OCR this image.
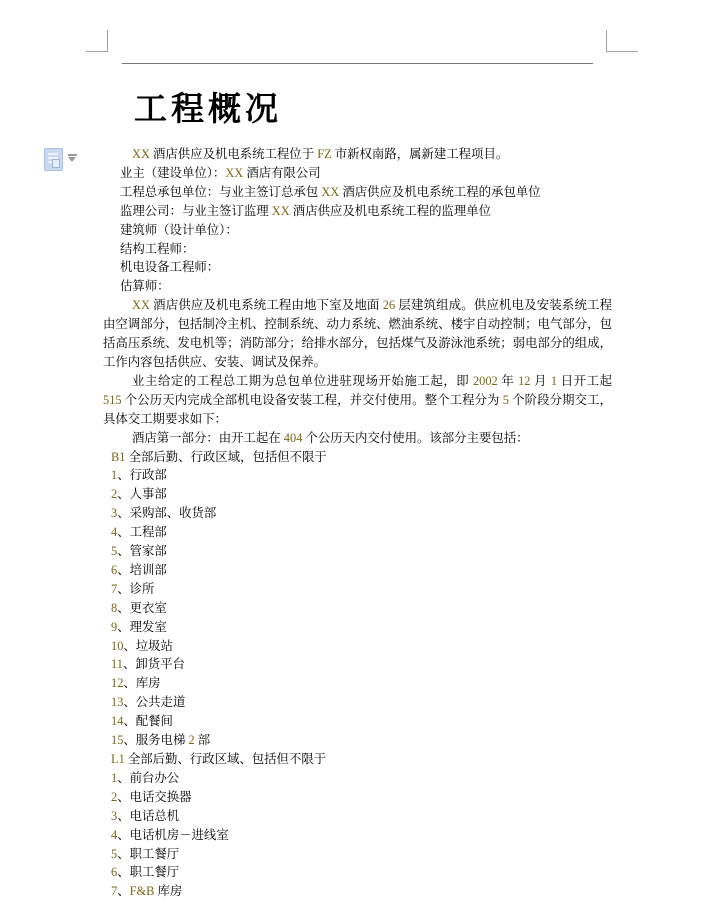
工程概况

XX 酒店供应及机电系统工程位于 FZ 市新权南路，属新建工程项目。

业主（建设单位）：XX 酒店有限公司

工程总承包单位：与业主签订总承包 XX 酒店供应及机电系统工程的承包单位

监理公司：与业主签订监理 XX 酒店供应及机电系统工程的监理单位

建筑师（设计单位）：

结构工程师：

机电设备工程师：

估算师：

XX 酒店供应及机电系统工程由地下室及地面 26 层建筑组成。供应机电及安装系统工程由空调部分，包括制冷主机、控制系统、动力系统、燃油系统、楼宇自动控制；电气部分，包括高压系统、发电机等；消防部分；给排水部分，包括煤气及游泳池系统；弱电部分的组成，工作内容包括供应、安装、调试及保养。

业主给定的工程总工期为总包单位进驻现场开始施工起，即 2002 年 12 月 1 日开工起 515 个公历天内完成全部机电设备安装工程，并交付使用。整个工程分为 5 个阶段分期交工，具体交工期要求如下：

酒店第一部分：由开工起在 404 个公历天内交付使用。该部分主要包括：

B1 全部后勤、行政区域，包括但不限于

1、行政部

2、人事部

3、采购部、收货部

4、工程部

5、管家部

6、培训部

7、诊所

8、更衣室

9、理发室

10、垃圾站

11、卸货平台

12、库房

13、公共走道

14、配餐间

15、服务电梯 2 部

L1 全部后勤、行政区域、包括但不限于

1、前台办公

2、电话交换器

3、电话总机

4、电话机房－进线室

5、职工餐厅

6、职工餐厅

7、F&B 库房
